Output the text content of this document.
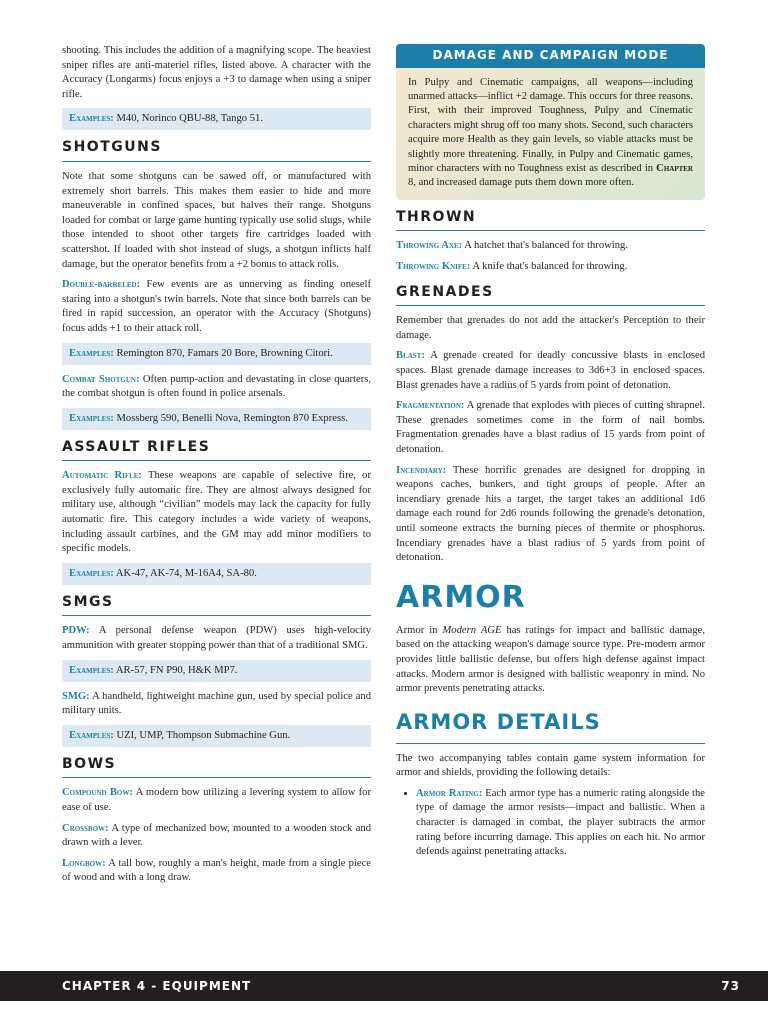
shooting. This includes the addition of a magnifying scope. The heaviest sniper rifles are anti-materiel rifles, listed above. A character with the Accuracy (Longarms) focus enjoys a +3 to damage when using a sniper rifle.

Examples: M40, Norinco QBU-88, Tango 51.
SHOTGUNS

Note that some shotguns can be sawed off, or manufactured with extremely short barrels. This makes them easier to hide and more maneuverable in confined spaces, but halves their range. Shotguns loaded for combat or large game hunting typically use solid slugs, while those intended to shoot other targets fire cartridges loaded with scattershot. If loaded with shot instead of slugs, a shotgun inflicts half damage, but the operator benefits from a +2 bonus to attack rolls.

Double-barreled: Few events are as unnerving as finding oneself staring into a shotgun's twin barrels. Note that since both barrels can be fired in rapid succession, an operator with the Accuracy (Shotguns) focus adds +1 to their attack roll.

Examples: Remington 870, Famars 20 Bore, Browning Citori.

Combat Shotgun: Often pump-action and devastating in close quarters, the combat shotgun is often found in police arsenals.

Examples: Mossberg 590, Benelli Nova, Remington 870 Express.
ASSAULT RIFLES

Automatic Rifle: These weapons are capable of selective fire, or exclusively fully automatic fire. They are almost always designed for military use, although “civilian” models may lack the capacity for fully automatic fire. This category includes a wide variety of weapons, including assault carbines, and the GM may add minor modifiers to specific models.

Examples: AK-47, AK-74, M-16A4, SA-80.
SMGS

PDW: A personal defense weapon (PDW) uses high-velocity ammunition with greater stopping power than that of a traditional SMG.

Examples: AR-57, FN P90, H&K MP7.

SMG: A handheld, lightweight machine gun, used by special police and military units.

Examples: UZI, UMP, Thompson Submachine Gun.
BOWS

Compound Bow: A modern bow utilizing a levering system to allow for ease of use.

Crossbow: A type of mechanized bow, mounted to a wooden stock and drawn with a lever.

Longbow: A tall bow, roughly a man's height, made from a single piece of wood and with a long draw.

DAMAGE AND CAMPAIGN MODE
In Pulpy and Cinematic campaigns, all weapons—including unarmed attacks—inflict +2 damage. This occurs for three reasons. First, with their improved Toughness, Pulpy and Cinematic characters might shrug off too many shots. Second, such characters acquire more Health as they gain levels, so viable attacks must be slightly more threatening. Finally, in Pulpy and Cinematic games, minor characters with no Toughness exist as described in Chapter 8, and increased damage puts them down more often.
THROWN

Throwing Axe: A hatchet that's balanced for throwing.

Throwing Knife: A knife that's balanced for throwing.

GRENADES

Remember that grenades do not add the attacker's Perception to their damage.

Blast: A grenade created for deadly concussive blasts in enclosed spaces. Blast grenade damage increases to 3d6+3 in enclosed spaces. Blast grenades have a radius of 5 yards from point of detonation.

Fragmentation: A grenade that explodes with pieces of cutting shrapnel. These grenades sometimes come in the form of nail bombs. Fragmentation grenades have a blast radius of 15 yards from point of detonation.

Incendiary: These horrific grenades are designed for dropping in weapons caches, bunkers, and tight groups of people. After an incendiary grenade hits a target, the target takes an additional 1d6 damage each round for 2d6 rounds following the grenade's detonation, until someone extracts the burning pieces of thermite or phosphorus. Incendiary grenades have a blast radius of 5 yards from point of detonation.

ARMOR

Armor in Modern AGE has ratings for impact and ballistic damage, based on the attacking weapon's damage source type. Pre-modern armor provides little ballistic defense, but offers high defense against impact attacks. Modern armor is designed with ballistic weaponry in mind. No armor prevents penetrating attacks.

ARMOR DETAILS

The two accompanying tables contain game system information for armor and shields, providing the following details:

• Armor Rating: Each armor type has a numeric rating alongside the type of damage the armor resists—impact and ballistic. When a character is damaged in combat, the player subtracts the armor rating before incurring damage. This applies on each hit. No armor defends against penetrating attacks.
CHAPTER 4 - EQUIPMENT	73
